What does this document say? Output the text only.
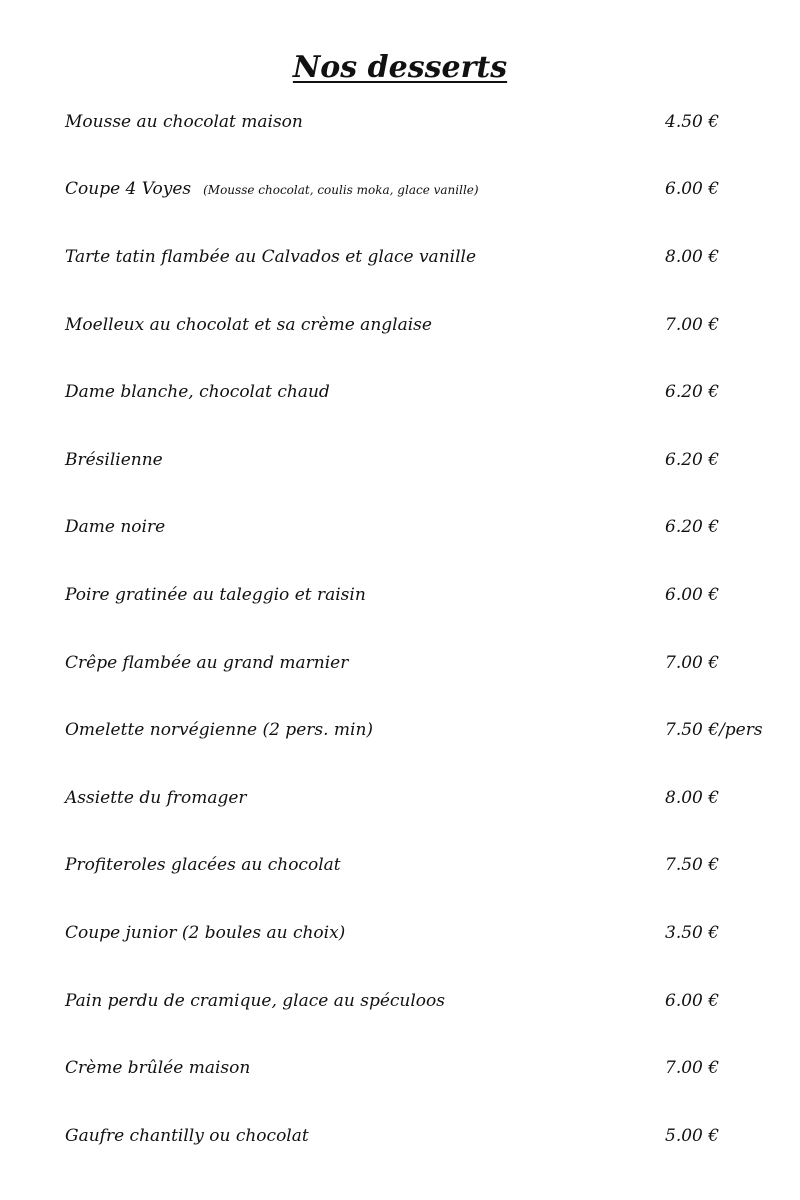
Nos desserts
Mousse au chocolat maison	4.50 €
Coupe 4 Voyes (Mousse chocolat, coulis moka, glace vanille)	6.00 €
Tarte tatin flambée au Calvados et glace vanille	8.00 €
Moelleux au chocolat et sa crème anglaise	7.00 €
Dame blanche, chocolat chaud	6.20 €
Brésilienne	6.20 €
Dame noire	6.20 €
Poire gratinée au taleggio et raisin	6.00 €
Crêpe flambée au grand marnier	7.00 €
Omelette norvégienne (2 pers. min)	7.50 €/pers
Assiette du fromager	8.00 €
Profiteroles glacées au chocolat	7.50 €
Coupe junior (2 boules au choix)	3.50 €
Pain perdu de cramique, glace au spéculoos	6.00 €
Crème brûlée maison	7.00 €
Gaufre chantilly ou chocolat	5.00 €
